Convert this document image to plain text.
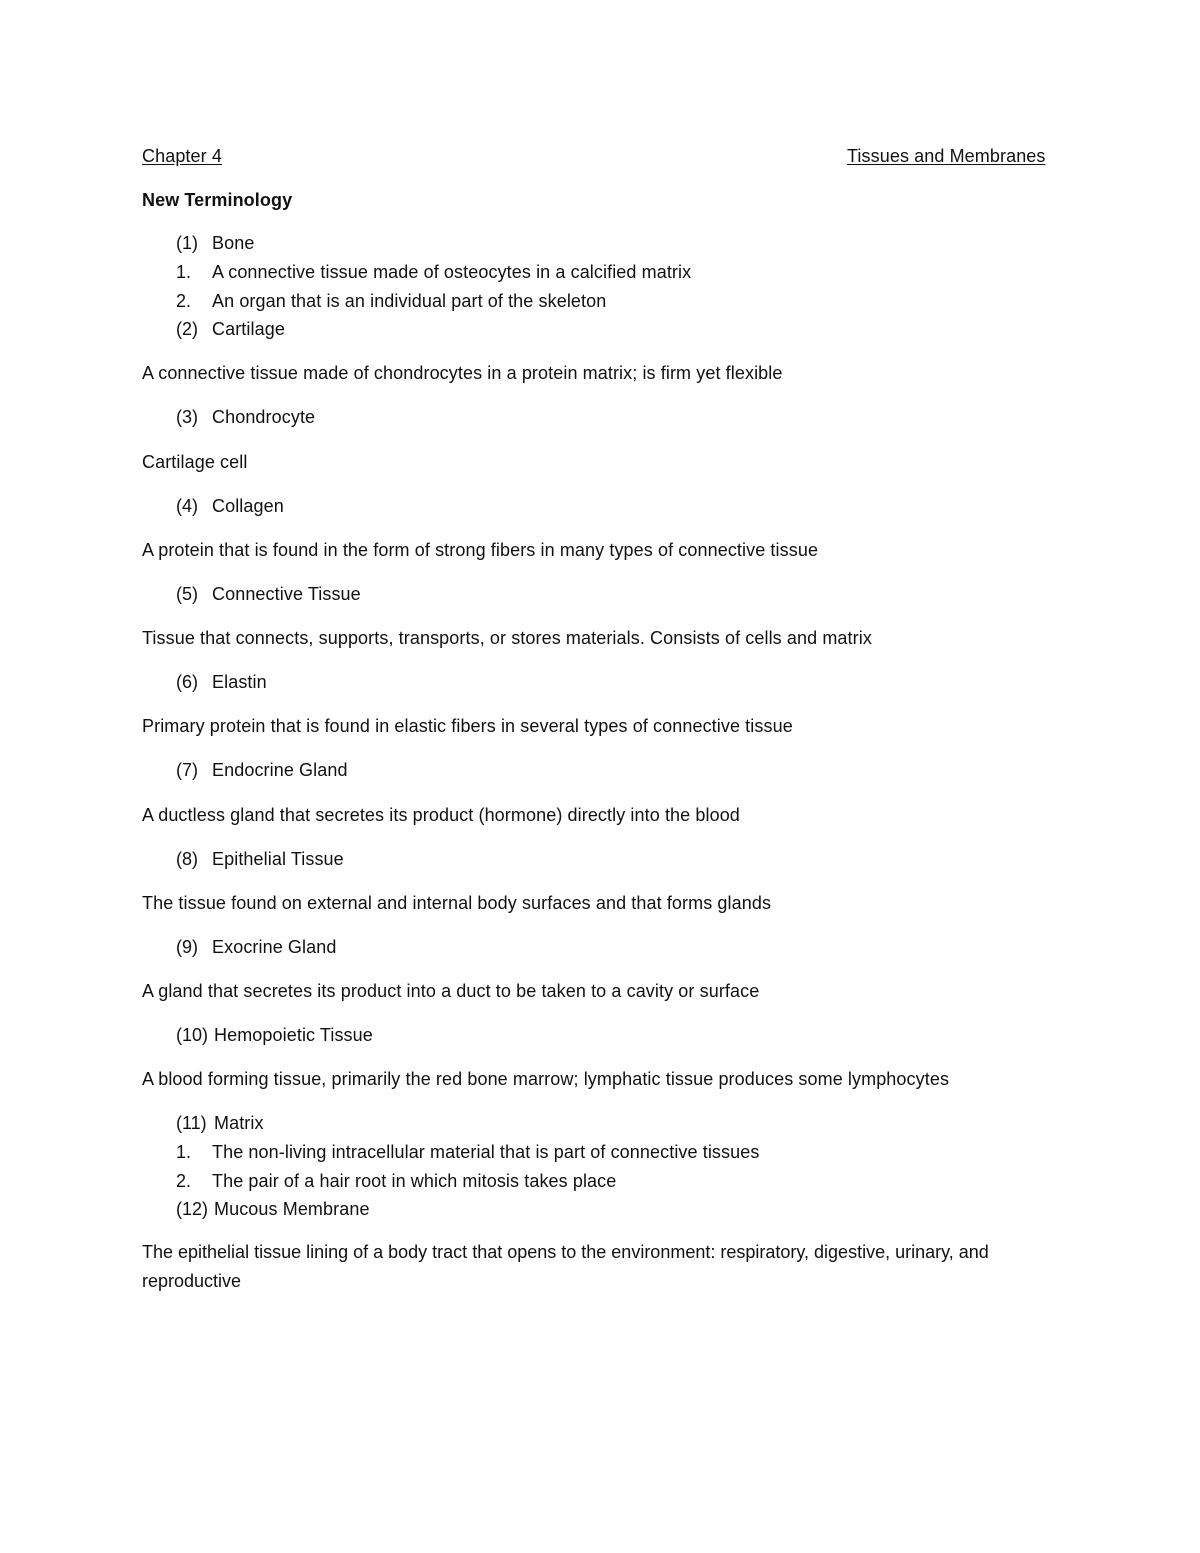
Chapter 4	Tissues and Membranes
New Terminology
(1) Bone
1. A connective tissue made of osteocytes in a calcified matrix
2. An organ that is an individual part of the skeleton
(2) Cartilage
A connective tissue made of chondrocytes in a protein matrix; is firm yet flexible
(3) Chondrocyte
Cartilage cell
(4) Collagen
A protein that is found in the form of strong fibers in many types of connective tissue
(5) Connective Tissue
Tissue that connects, supports, transports, or stores materials. Consists of cells and matrix
(6) Elastin
Primary protein that is found in elastic fibers in several types of connective tissue
(7) Endocrine Gland
A ductless gland that secretes its product (hormone) directly into the blood
(8) Epithelial Tissue
The tissue found on external and internal body surfaces and that forms glands
(9) Exocrine Gland
A gland that secretes its product into a duct to be taken to a cavity or surface
(10) Hemopoietic Tissue
A blood forming tissue, primarily the red bone marrow; lymphatic tissue produces some lymphocytes
(11) Matrix
1. The non-living intracellular material that is part of connective tissues
2. The pair of a hair root in which mitosis takes place
(12) Mucous Membrane
The epithelial tissue lining of a body tract that opens to the environment: respiratory, digestive, urinary, and reproductive
